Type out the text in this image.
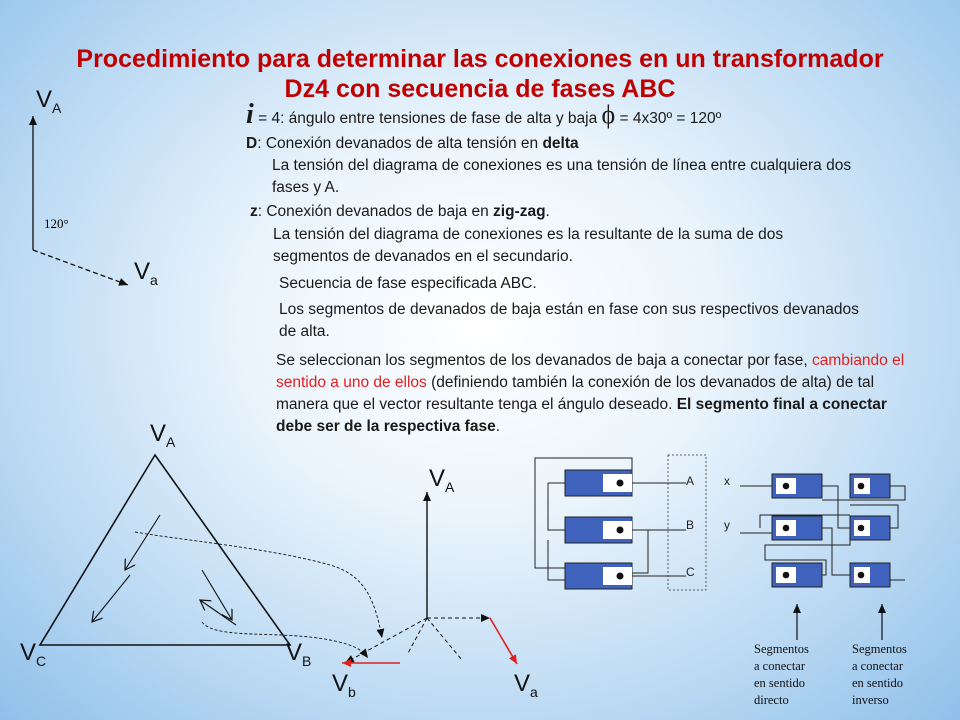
Procedimiento para determinar las conexiones en un transformador
Dz4 con secuencia de fases ABC
i = 4: ángulo entre tensiones de fase de alta y baja ϕ = 4x30º = 120º
D: Conexión devanados de alta tensión en delta
La tensión del diagrama de conexiones es una tensión de línea entre cualquiera dos fases y A.
z: Conexión devanados de baja en zig-zag.
La tensión del diagrama de conexiones es la resultante de la suma de dos segmentos de devanados en el secundario.
Secuencia de fase especificada ABC.
Los segmentos de devanados de baja están en fase con sus respectivos devanados de alta.
Se seleccionan los segmentos de los devanados de baja a conectar por fase, cambiando el sentido a uno de ellos (definiendo también la conexión de los devanados de alta) de tal manera que el vector resultante tenga el ángulo deseado. El segmento final a conectar debe ser de la respectiva fase.
$V_A$
$V_a$
120°
$V_A$
$V_C$	$V_B$
$V_A$
$V_b$	$V_a$
A
B
C
x
y
Segmentos
a conectar
en sentido
directo
Segmentos
a conectar
en sentido
inverso
